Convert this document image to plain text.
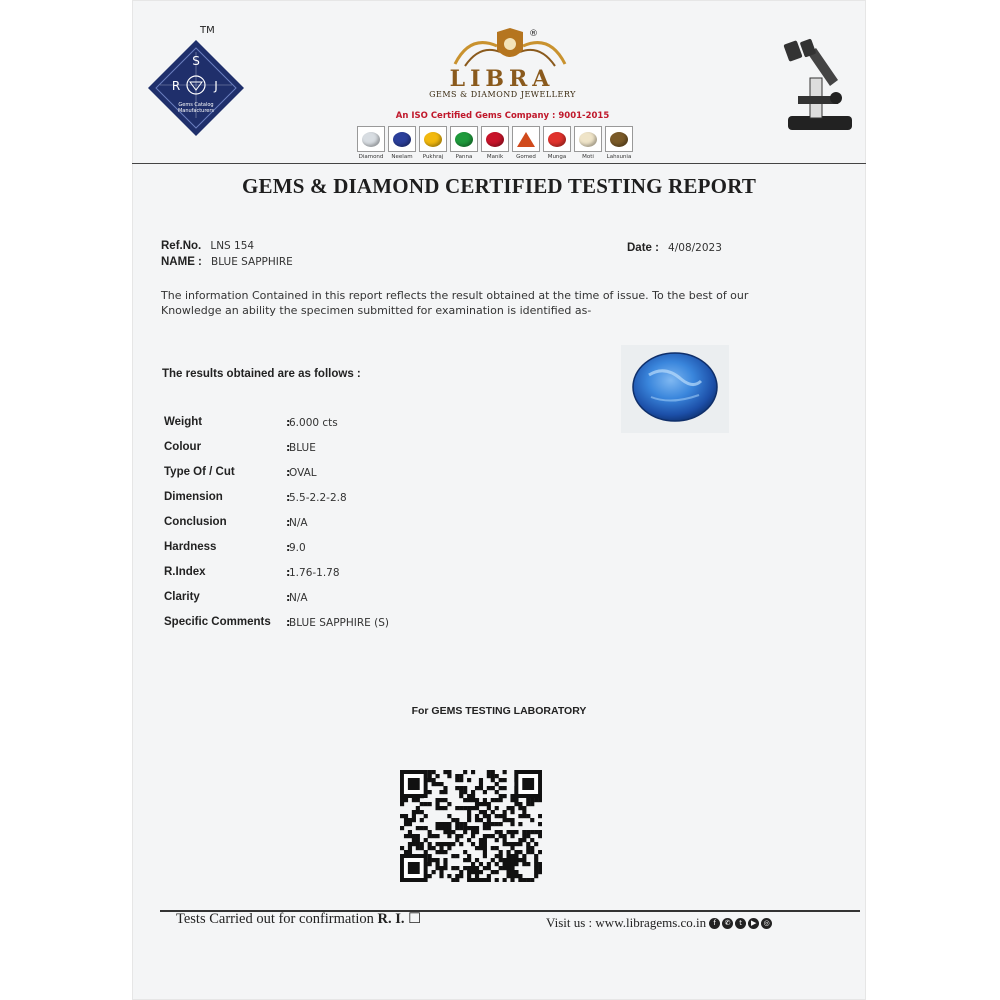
TM
S
R	J
Gems Catalog
Manufacturers
®
LIBRA
GEMS & DIAMOND JEWELLERY
An ISO Certified Gems Company : 9001-2015
Diamond Neelam Pukhraj Panna	Manik Gomed Munga	Moti Lahsunia
GEMS & DIAMOND CERTIFIED TESTING REPORT
Ref.No. LNS 154
NAME : BLUE SAPPHIRE
Date : 4/08/2023
The information Contained in this report reflects the result obtained at the time of issue. To the best of our
Knowledge an ability the specimen submitted for examination is identified as-
The results obtained are as follows :
Weight	:
6.000 cts
Colour	:
BLUE
Type Of / Cut	:
OVAL
Dimension	:
5.5-2.2-2.8
Conclusion	:
N/A
Hardness	:
9.0
R.Index	:
1.76-1.78
Clarity	:
N/A
Specific Comments :
BLUE SAPPHIRE (S)
For GEMS TESTING LABORATORY
Tests Carried out for confirmation R. I. ☐	Visit us : www.libragems.co.in	f	✆	t	▶	◎
